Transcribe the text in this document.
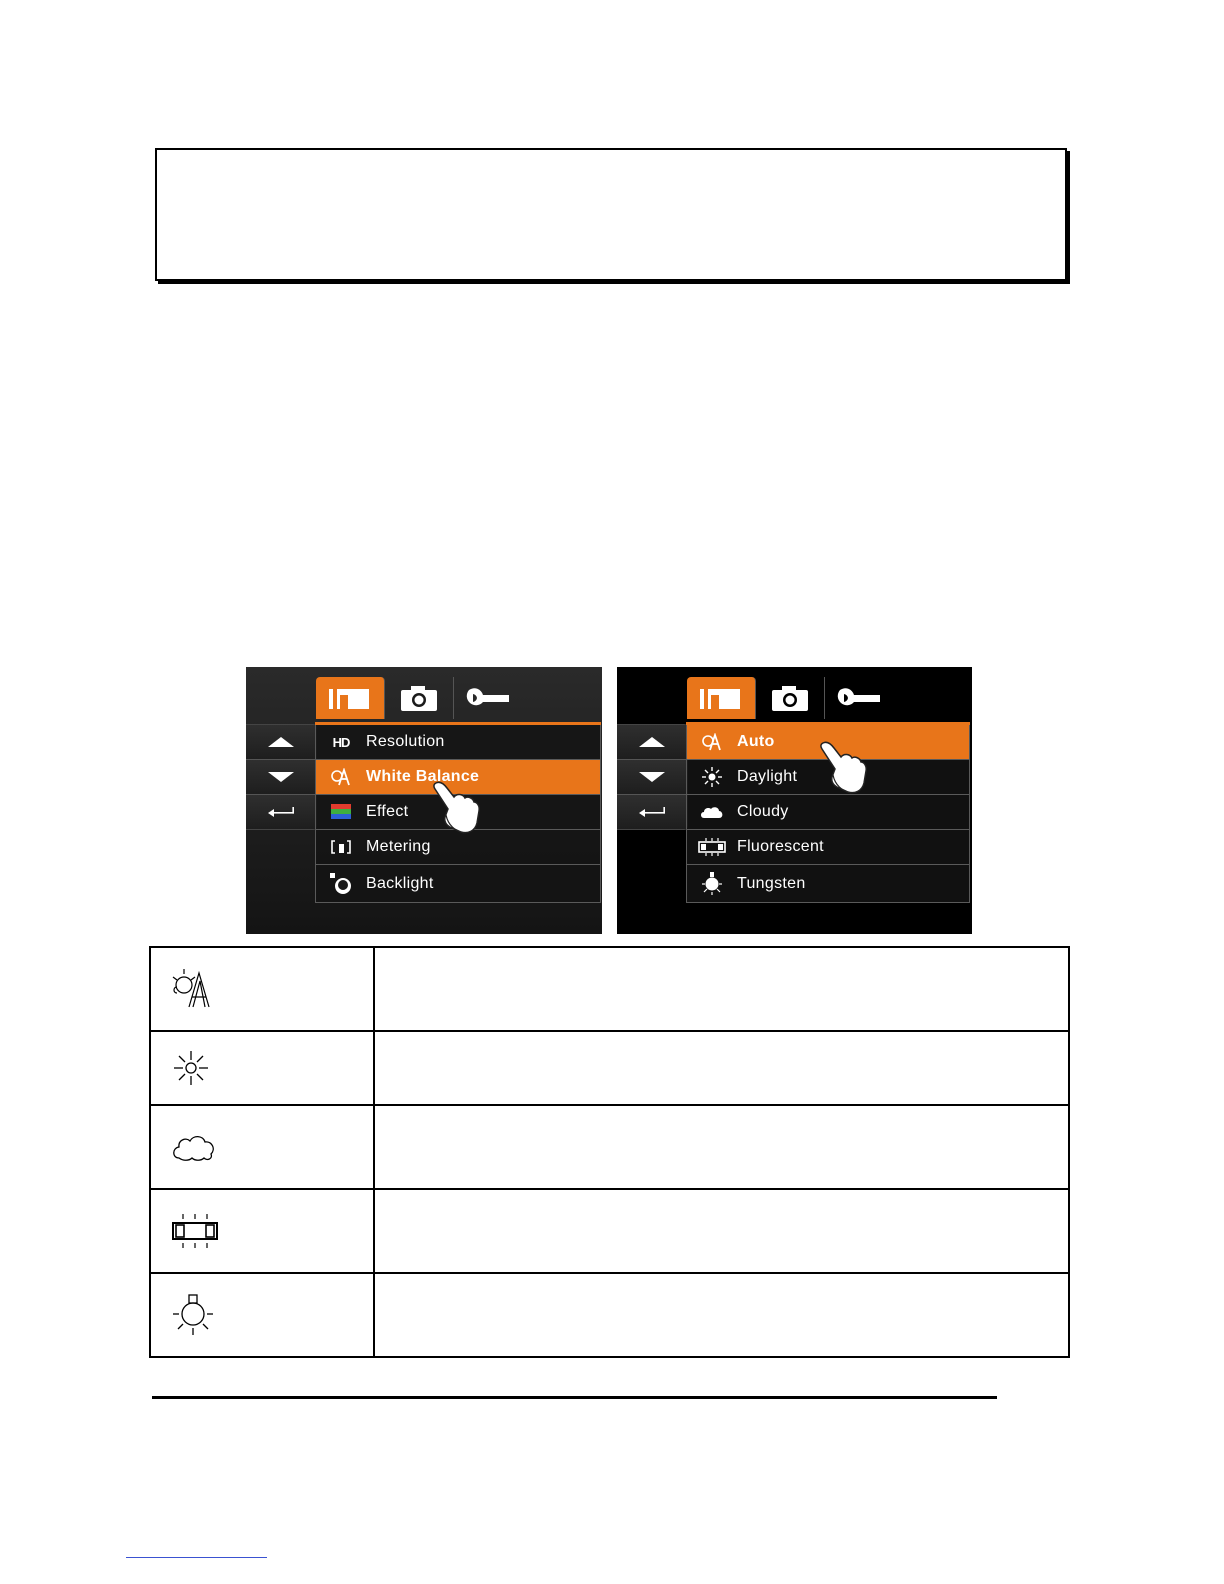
HD	Resolution
White Balance
Effect
Metering
Backlight
Auto
Daylight
Cloudy
Fluorescent
Tungsten
